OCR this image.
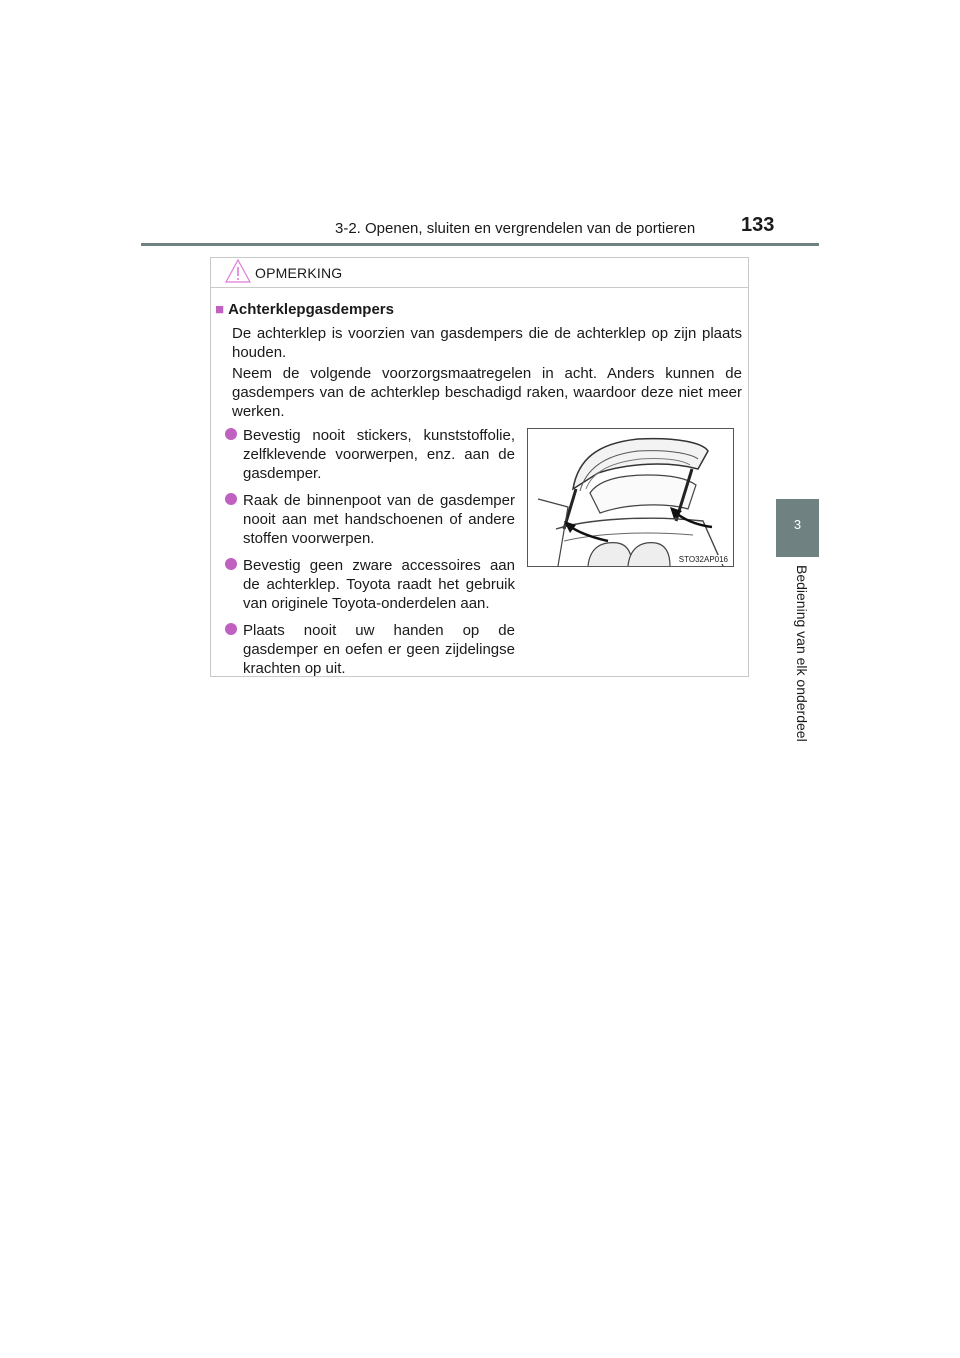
3-2. Openen, sluiten en vergrendelen van de portieren 133
3
Bediening van elk onderdeel
OPMERKING
■ Achterklepgasdempers
De achterklep is voorzien van gasdempers die de achterklep op zijn plaats houden.
Neem de volgende voorzorgsmaatregelen in acht. Anders kunnen de gasdempers van de achterklep beschadigd raken, waardoor deze niet meer werken.
Bevestig nooit stickers, kunststoffolie, zelfklevende voorwerpen, enz. aan de gasdemper.
Raak de binnenpoot van de gasdemper nooit aan met handschoenen of andere stoffen voorwerpen.
Bevestig geen zware accessoires aan de achterklep. Toyota raadt het gebruik van originele Toyota-onderdelen aan.
Plaats nooit uw handen op de gasdemper en oefen er geen zijdelingse krachten op uit.
STO32AP016
